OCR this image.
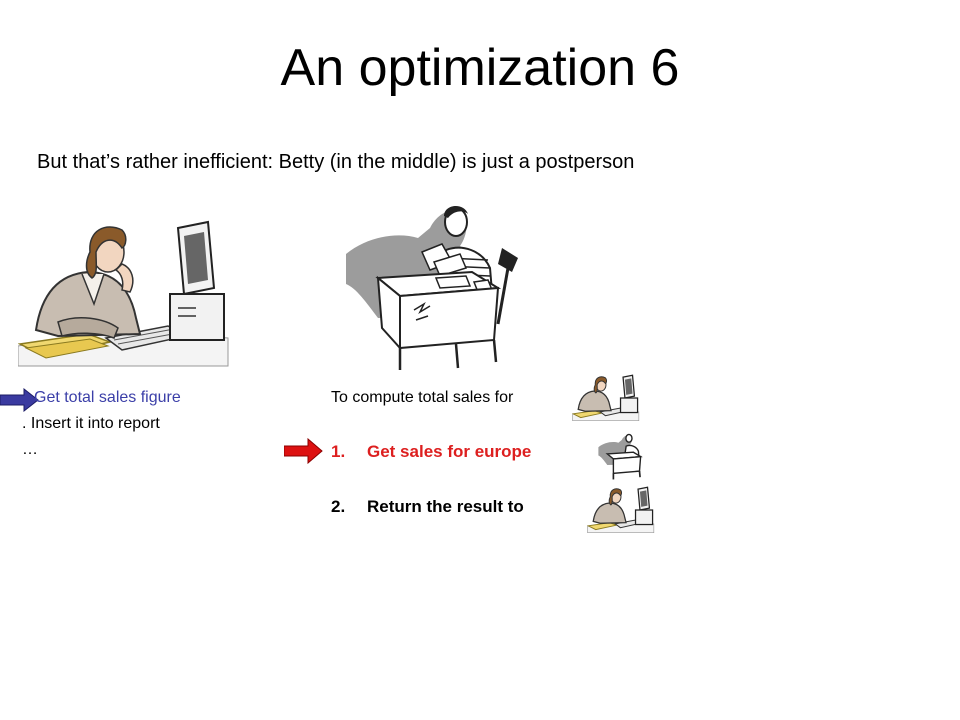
An optimization 6
But that’s rather inefficient: Betty (in the middle) is just a postperson
Get total sales figure
. Insert it into report
…
To compute total sales for
1. Get sales for europe
2. Return the result to
